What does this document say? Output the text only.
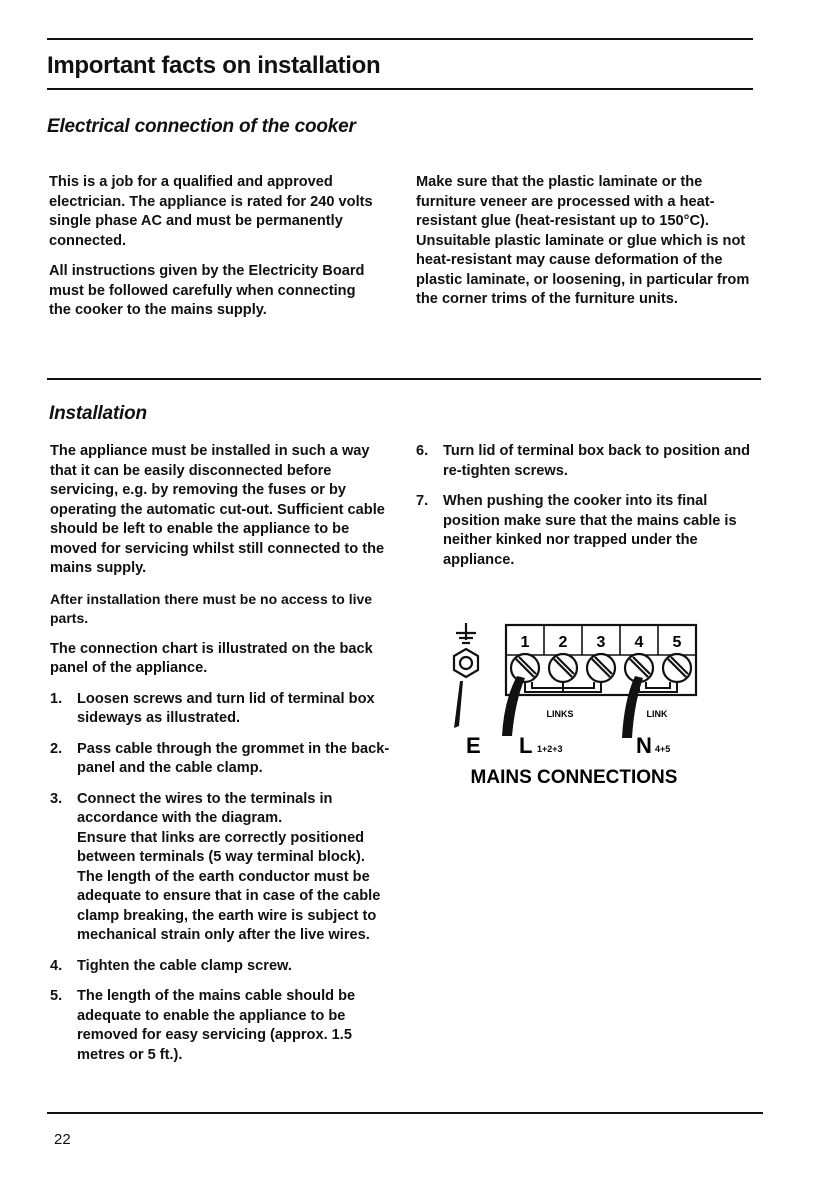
Important facts on installation
Electrical connection of the cooker

This is a job for a qualified and approved electrician. The appliance is rated for 240 volts single phase AC and must be permanently connected.

All instructions given by the Electricity Board must be followed carefully when connecting the cooker to the mains supply.

Make sure that the plastic laminate or the furniture veneer are processed with a heat-resistant glue (heat-resistant up to 150°C). Unsuitable plastic laminate or glue which is not heat-resistant may cause deformation of the plastic laminate, or loosening, in particular from the corner trims of the furniture units.

Installation

The appliance must be installed in such a way that it can be easily disconnected before servicing, e.g. by removing the fuses or by operating the automatic cut-out. Sufficient cable should be left to enable the appliance to be moved for servicing whilst still connected to the mains supply.

After installation there must be no access to live parts.

The connection chart is illustrated on the back panel of the appliance.

1. Loosen screws and turn lid of terminal box sideways as illustrated.
2. Pass cable through the grommet in the back-panel and the cable clamp.
3. Connect the wires to the terminals in accordance with the diagram.
Ensure that links are correctly positioned between terminals (5 way terminal block). The length of the earth conductor must be adequate to ensure that in case of the cable clamp breaking, the earth wire is subject to mechanical strain only after the live wires.
4. Tighten the cable clamp screw.
5. The length of the mains cable should be adequate to enable the appliance to be removed for easy servicing (approx. 1.5 metres or 5 ft.).
6. Turn lid of terminal box back to position and re-tighten screws.
7. When pushing the cooker into its final position make sure that the mains cable is neither kinked nor trapped under the appliance.
1 2 3 4 5
LINKS	LINK
E L 1+2+3	N 4+5
MAINS CONNECTIONS
22
